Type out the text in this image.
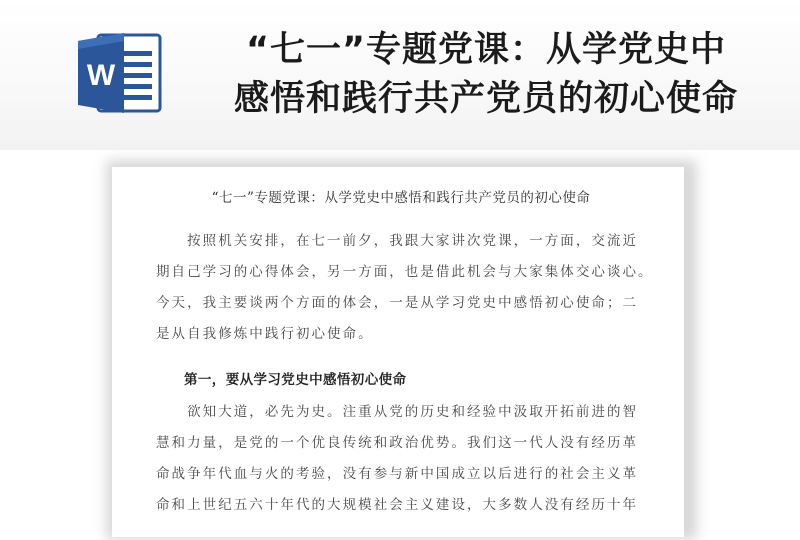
W
“七一”专题党课：从学党史中
感悟和践行共产党员的初心使命
“七一”专题党课：从学党史中感悟和践行共产党员的初心使命
　　按照机关安排，在七一前夕，我跟大家讲次党课，一方面，交流近
期自己学习的心得体会，另一方面，也是借此机会与大家集体交心谈心。
今天，我主要谈两个方面的体会，一是从学习党史中感悟初心使命；二
是从自我修炼中践行初心使命。
第一，要从学习党史中感悟初心使命
　　欲知大道，必先为史。注重从党的历史和经验中汲取开拓前进的智
慧和力量，是党的一个优良传统和政治优势。我们这一代人没有经历革
命战争年代血与火的考验，没有参与新中国成立以后进行的社会主义革
命和上世纪五六十年代的大规模社会主义建设，大多数人没有经历十年
